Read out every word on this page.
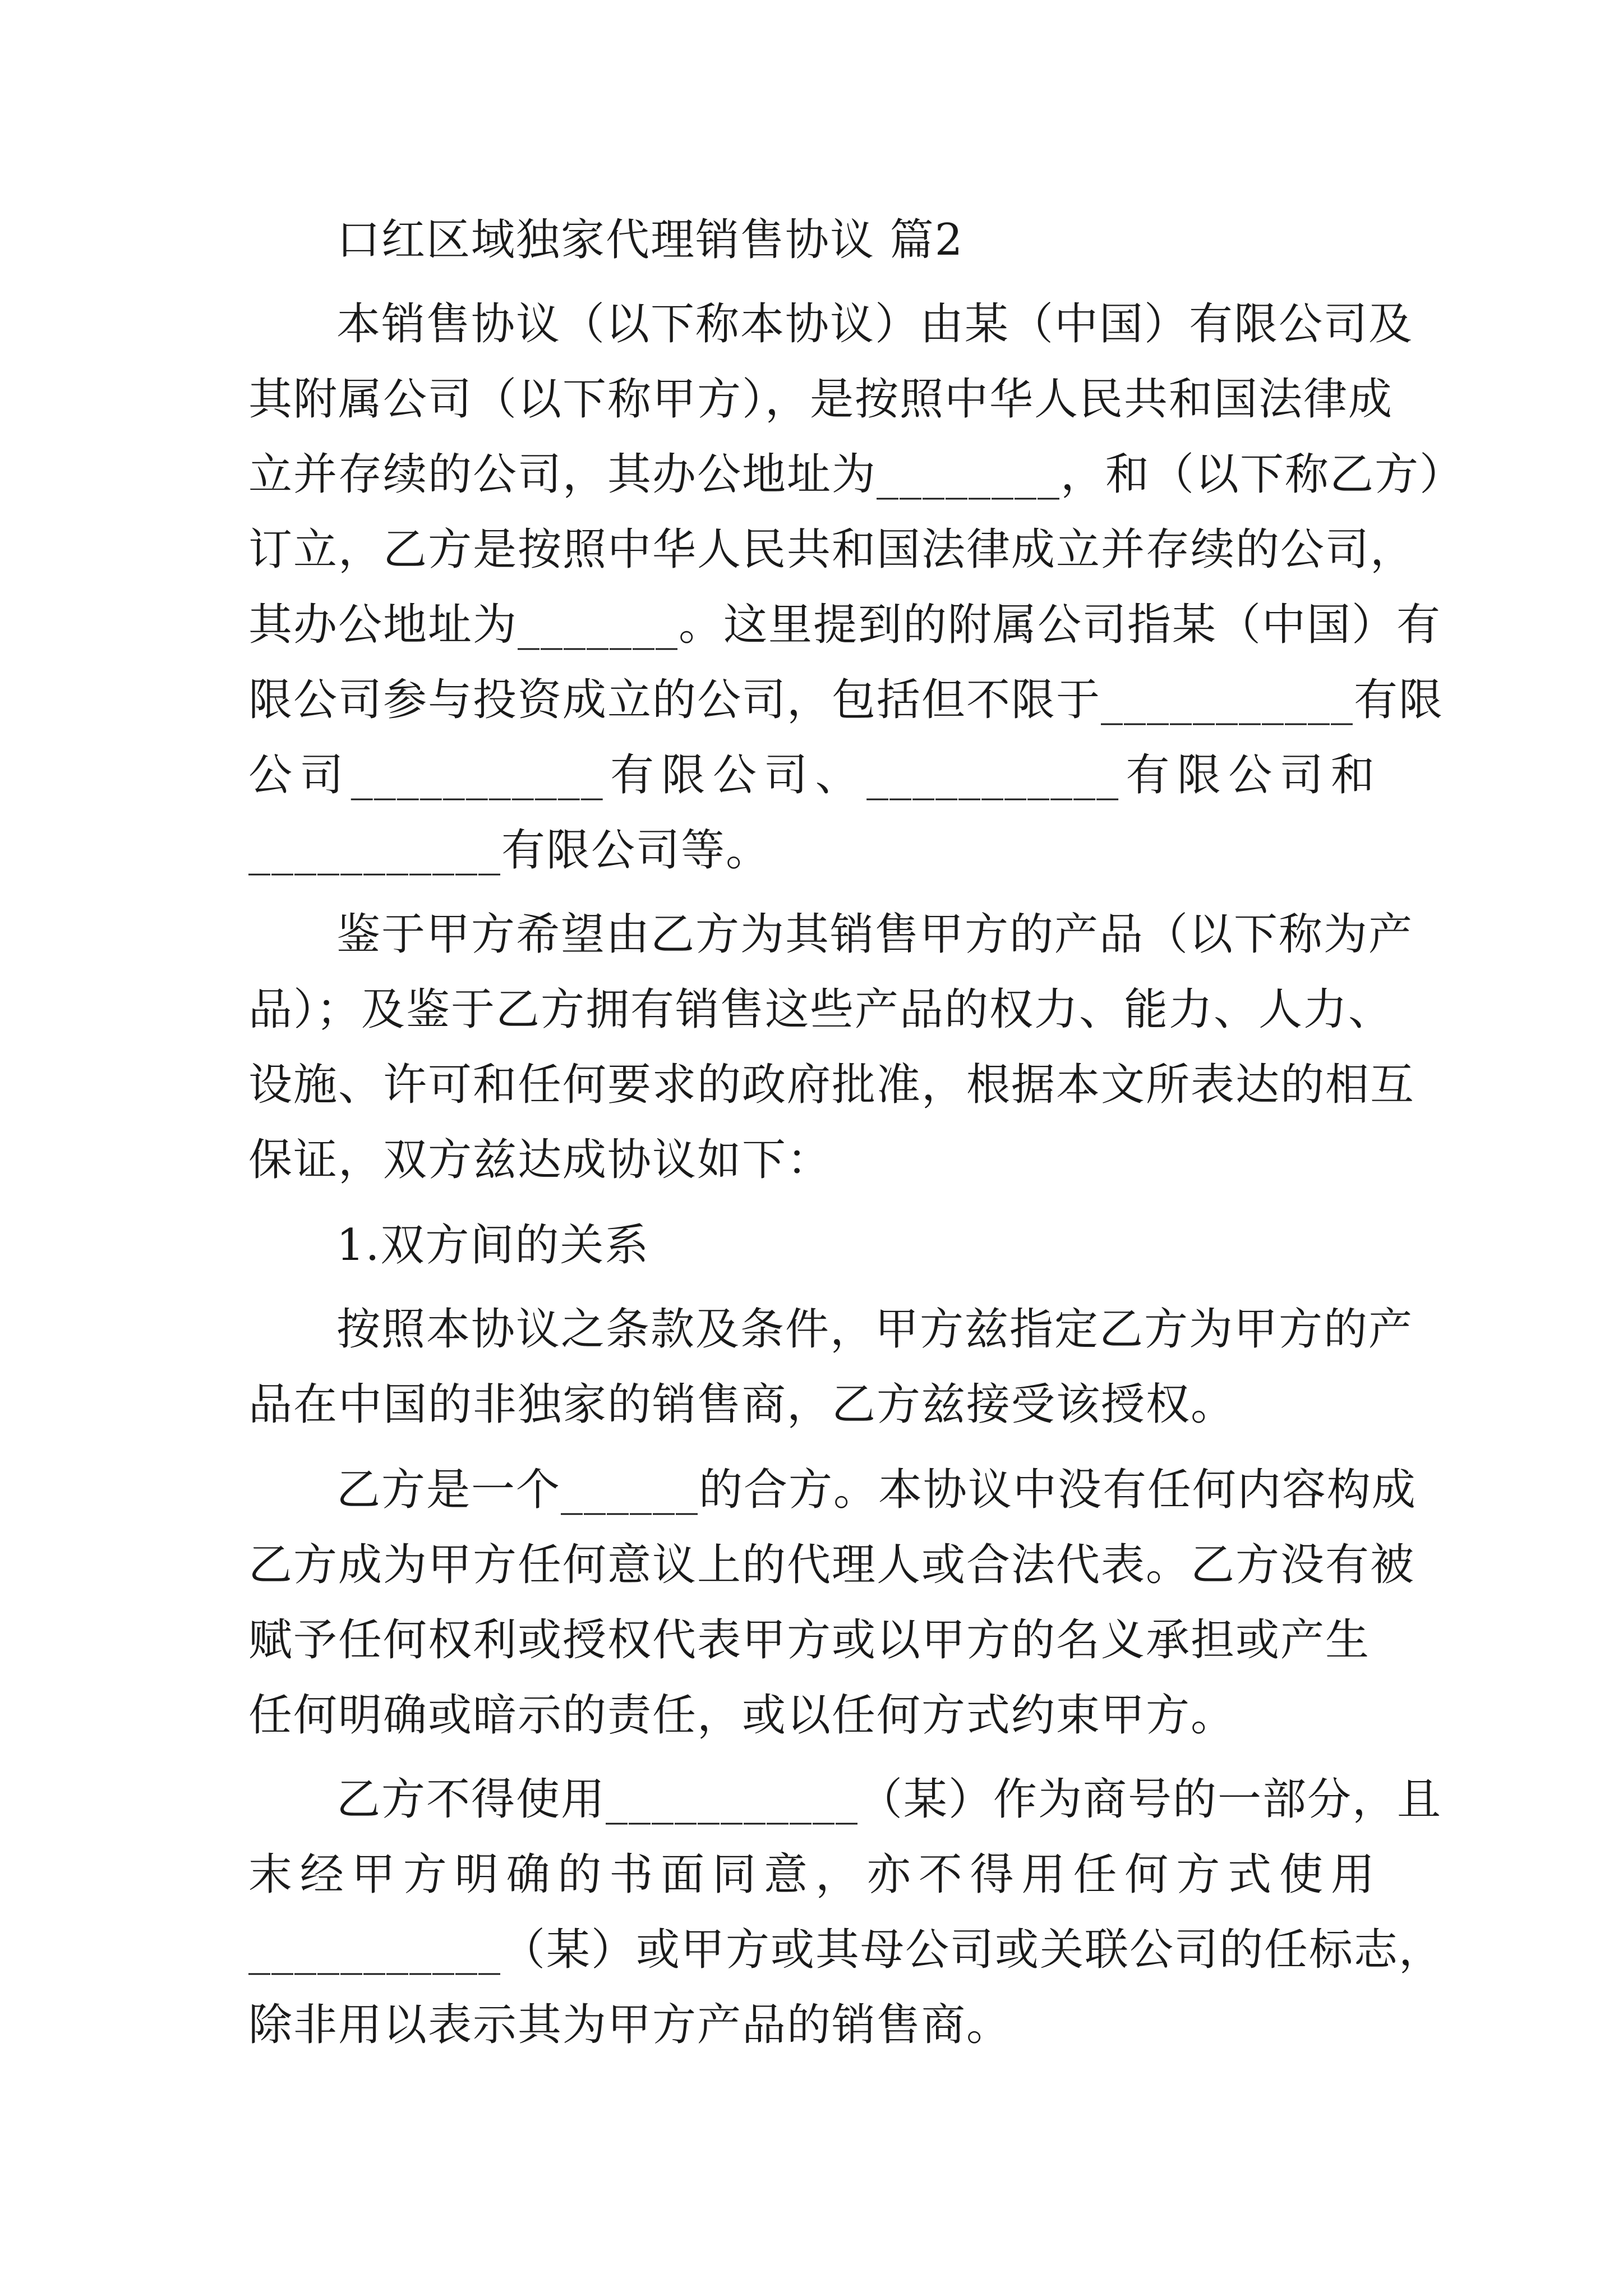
口红区域独家代理销售协议 篇2
本销售协议（以下称本协议）由某（中国）有限公司及
其附属公司（以下称甲方），是按照中华人民共和国法律成
立并存续的公司，其办公地址为________，和（以下称乙方）
订立，乙方是按照中华人民共和国法律成立并存续的公司，
其办公地址为_______。这里提到的附属公司指某（中国）有
限公司参与投资成立的公司，包括但不限于___________有限
公司___________有限公司、___________有限公司和
___________有限公司等。
鉴于甲方希望由乙方为其销售甲方的产品（以下称为产
品）；及鉴于乙方拥有销售这些产品的权力、能力、人力、
设施、许可和任何要求的政府批准，根据本文所表达的相互
保证，双方兹达成协议如下：
1.双方间的关系
按照本协议之条款及条件，甲方兹指定乙方为甲方的产
品在中国的非独家的销售商，乙方兹接受该授权。
乙方是一个______的合方。本协议中没有任何内容构成
乙方成为甲方任何意议上的代理人或合法代表。乙方没有被
赋予任何权利或授权代表甲方或以甲方的名义承担或产生
任何明确或暗示的责任，或以任何方式约束甲方。
乙方不得使用___________（某）作为商号的一部分，且
末经甲方明确的书面同意，亦不得用任何方式使用
___________（某）或甲方或其母公司或关联公司的任标志，
除非用以表示其为甲方产品的销售商。
